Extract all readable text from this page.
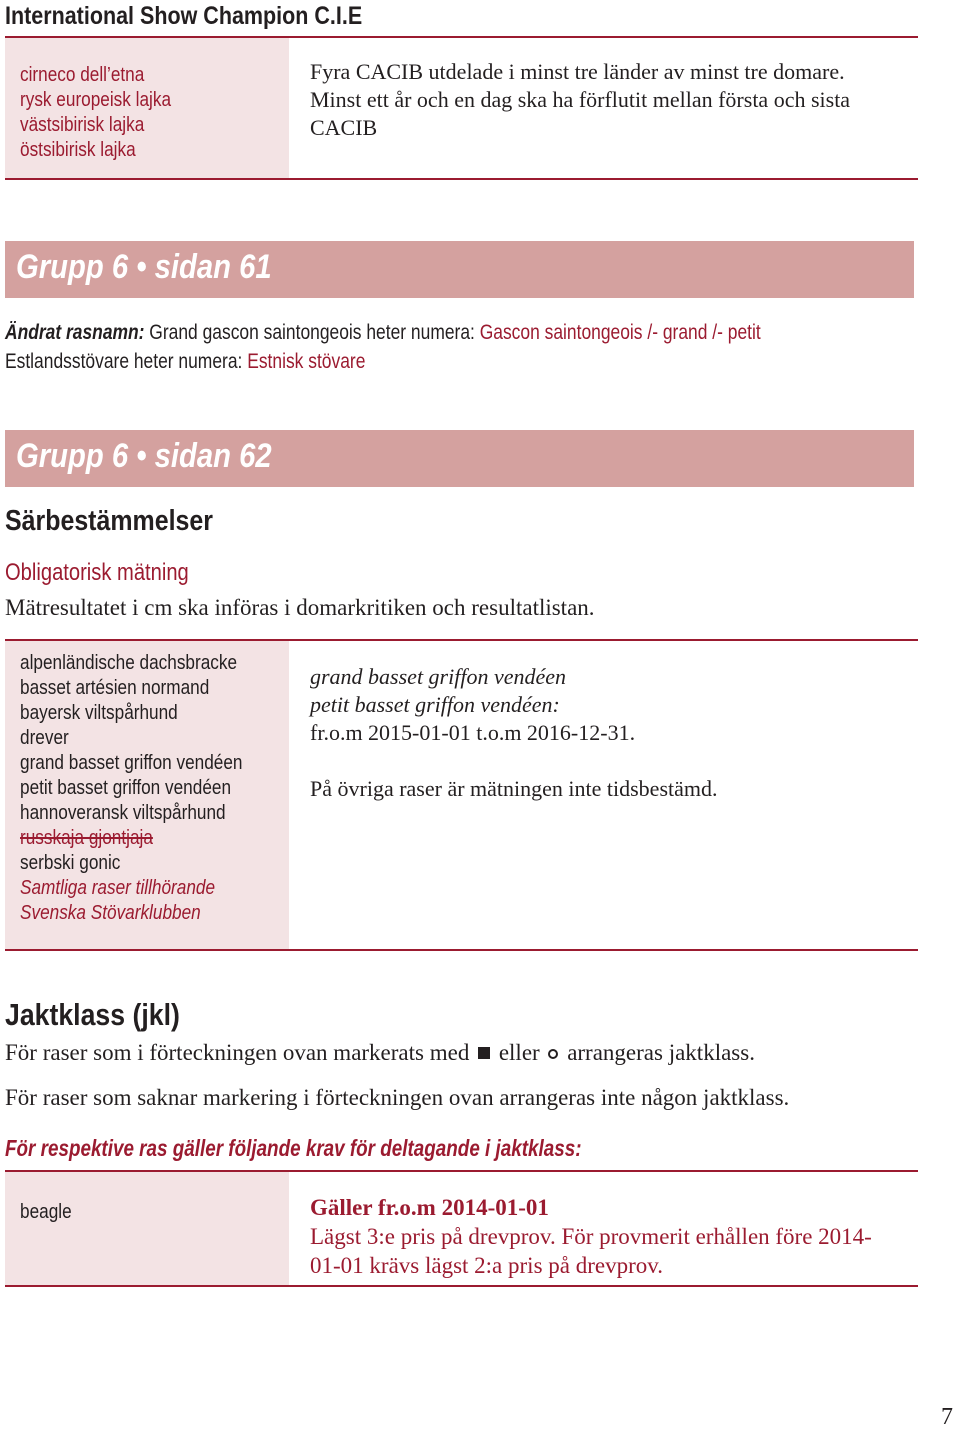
International Show Champion C.I.E
cirneco dell’etna
rysk europeisk lajka
västsibirisk lajka
östsibirisk lajka
Fyra CACIB utdelade i minst tre länder av minst tre domare.
Minst ett år och en dag ska ha förflutit mellan första och sista
CACIB
Grupp 6 • sidan 61
Ändrat rasnamn: Grand gascon saintongeois heter numera: Gascon saintongeois /- grand /- petit
Estlandsstövare heter numera: Estnisk stövare
Grupp 6 • sidan 62
Särbestämmelser
Obligatorisk mätning
Mätresultatet i cm ska införas i domarkritiken och resultatlistan.
alpenländische dachsbracke
basset artésien normand
bayersk viltspårhund
drever
grand basset griffon vendéen
petit basset griffon vendéen
hannoveransk viltspårhund
russkaja gjontjaja
serbski gonic
Samtliga raser tillhörande
Svenska Stövarklubben
grand basset griffon vendéen
petit basset griffon vendéen:
fr.o.m 2015-01-01 t.o.m 2016-12-31.
På övriga raser är mätningen inte tidsbestämd.
Jaktklass (jkl)
För raser som i förteckningen ovan markerats med eller arrangeras jaktklass.
För raser som saknar markering i förteckningen ovan arrangeras inte någon jaktklass.
För respektive ras gäller följande krav för deltagande i jaktklass:
beagle	Gäller fr.o.m 2014-01-01
Lägst 3:e pris på drevprov. För provmerit erhållen före 2014-
01-01 krävs lägst 2:a pris på drevprov.
7
